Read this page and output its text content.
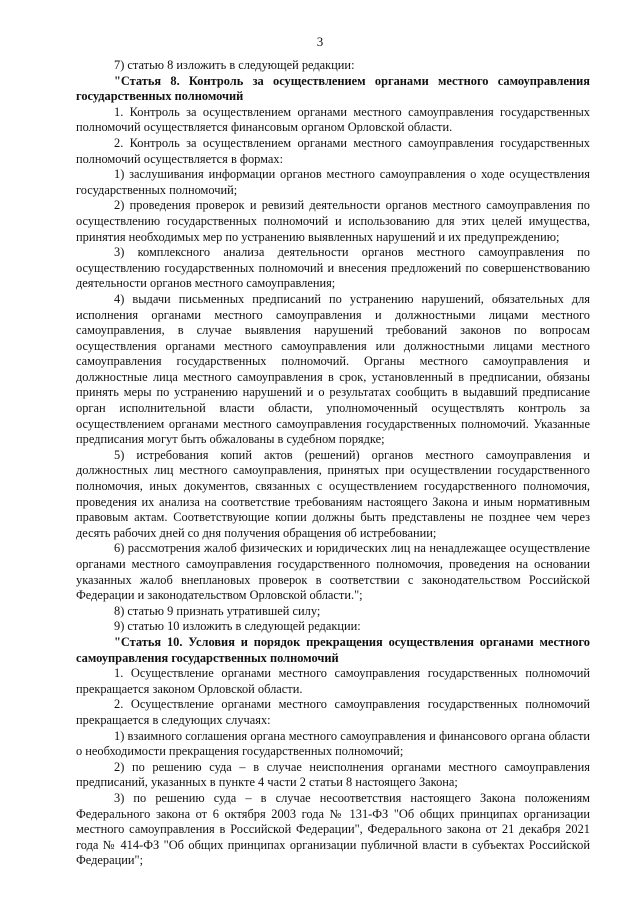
3

7) статью 8 изложить в следующей редакции:

"Статья 8. Контроль за осуществлением органами местного самоуправления государственных полномочий

1. Контроль за осуществлением органами местного самоуправления государственных полномочий осуществляется финансовым органом Орловской области.

2. Контроль за осуществлением органами местного самоуправления государственных полномочий осуществляется в формах:

1) заслушивания информации органов местного самоуправления о ходе осуществления государственных полномочий;

2) проведения проверок и ревизий деятельности органов местного самоуправления по осуществлению государственных полномочий и использованию для этих целей имущества, принятия необходимых мер по устранению выявленных нарушений и их предупреждению;

3) комплексного анализа деятельности органов местного самоуправления по осуществлению государственных полномочий и внесения предложений по совершенствованию деятельности органов местного самоуправления;

4) выдачи письменных предписаний по устранению нарушений, обязательных для исполнения органами местного самоуправления и должностными лицами местного самоуправления, в случае выявления нарушений требований законов по вопросам осуществления органами местного самоуправления или должностными лицами местного самоуправления государственных полномочий. Органы местного самоуправления и должностные лица местного самоуправления в срок, установленный в предписании, обязаны принять меры по устранению нарушений и о результатах сообщить в выдавший предписание орган исполнительной власти области, уполномоченный осуществлять контроль за осуществлением органами местного самоуправления государственных полномочий. Указанные предписания могут быть обжалованы в судебном порядке;

5) истребования копий актов (решений) органов местного самоуправления и должностных лиц местного самоуправления, принятых при осуществлении государственного полномочия, иных документов, связанных с осуществлением государственного полномочия, проведения их анализа на соответствие требованиям настоящего Закона и иным нормативным правовым актам. Соответствующие копии должны быть представлены не позднее чем через десять рабочих дней со дня получения обращения об истребовании;

6) рассмотрения жалоб физических и юридических лиц на ненадлежащее осуществление органами местного самоуправления государственного полномочия, проведения на основании указанных жалоб внеплановых проверок в соответствии с законодательством Российской Федерации и законодательством Орловской области.";

8) статью 9 признать утратившей силу;

9) статью 10 изложить в следующей редакции:

"Статья 10. Условия и порядок прекращения осуществления органами местного самоуправления государственных полномочий

1. Осуществление органами местного самоуправления государственных полномочий прекращается законом Орловской области.

2. Осуществление органами местного самоуправления государственных полномочий прекращается в следующих случаях:

1) взаимного соглашения органа местного самоуправления и финансового органа области о необходимости прекращения государственных полномочий;

2) по решению суда – в случае неисполнения органами местного самоуправления предписаний, указанных в пункте 4 части 2 статьи 8 настоящего Закона;

3) по решению суда – в случае несоответствия настоящего Закона положениям Федерального закона от 6 октября 2003 года № 131-ФЗ "Об общих принципах организации местного самоуправления в Российской Федерации", Федерального закона от 21 декабря 2021 года № 414-ФЗ "Об общих принципах организации публичной власти в субъектах Российской Федерации";
